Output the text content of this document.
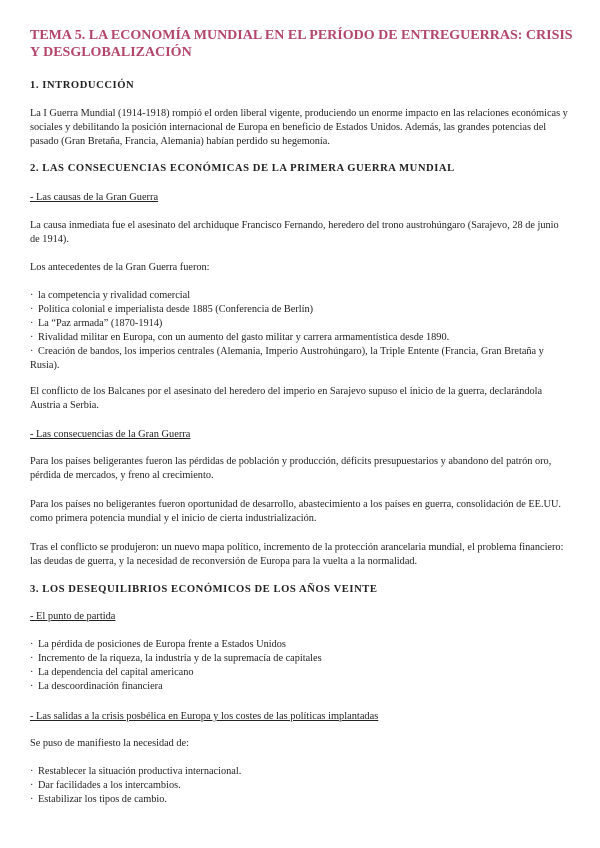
TEMA 5. LA ECONOMÍA MUNDIAL EN EL PERÍODO DE ENTREGUERRAS: CRISIS Y DESGLOBALIZACIÓN
1. INTRODUCCIÓN

La I Guerra Mundial (1914-1918) rompió el orden liberal vigente, produciendo un enorme impacto en las relaciones económicas y sociales y debilitando la posición internacional de Europa en beneficio de Estados Unidos. Además, las grandes potencias del pasado (Gran Bretaña, Francia, Alemania) habían perdido su hegemonía.

2. LAS CONSECUENCIAS ECONÓMICAS DE LA PRIMERA GUERRA MUNDIAL

- Las causas de la Gran Guerra

La causa inmediata fue el asesinato del archiduque Francisco Fernando, heredero del trono austrohúngaro (Sarajevo, 28 de junio de 1914).

Los antecedentes de la Gran Guerra fueron:

· la competencia y rivalidad comercial
· Política colonial e imperialista desde 1885 (Conferencia de Berlín)
· La “Paz armada” (1870-1914)
· Rivalidad militar en Europa, con un aumento del gasto militar y carrera armamentística desde 1890.
· Creación de bandos, los imperios centrales (Alemania, Imperio Austrohúngaro), la Triple Entente (Francia, Gran Bretaña y Rusia).

El conflicto de los Balcanes por el asesinato del heredero del imperio en Sarajevo supuso el inicio de la guerra, declarándola Austria a Serbia.

- Las consecuencias de la Gran Guerra

Para los países beligerantes fueron las pérdidas de población y producción, déficits presupuestarios y abandono del patrón oro, pérdida de mercados, y freno al crecimiento.

Para los países no beligerantes fueron oportunidad de desarrollo, abastecimiento a los países en guerra, consolidación de EE.UU. como primera potencia mundial y el inicio de cierta industrialización.

Tras el conflicto se produjeron: un nuevo mapa político, incremento de la protección arancelaria mundial, el problema financiero: las deudas de guerra, y la necesidad de reconversión de Europa para la vuelta a la normalidad.

3. LOS DESEQUILIBRIOS ECONÓMICOS DE LOS AÑOS VEINTE

- El punto de partida

· La pérdida de posiciones de Europa frente a Estados Unidos
· Incremento de la riqueza, la industria y de la supremacía de capitales
· La dependencia del capital americano
· La descoordinación financiera

- Las salidas a la crisis posbélica en Europa y los costes de las políticas implantadas

Se puso de manifiesto la necesidad de:

· Restablecer la situación productiva internacional.
· Dar facilidades a los intercambios.
· Estabilizar los tipos de cambio.
